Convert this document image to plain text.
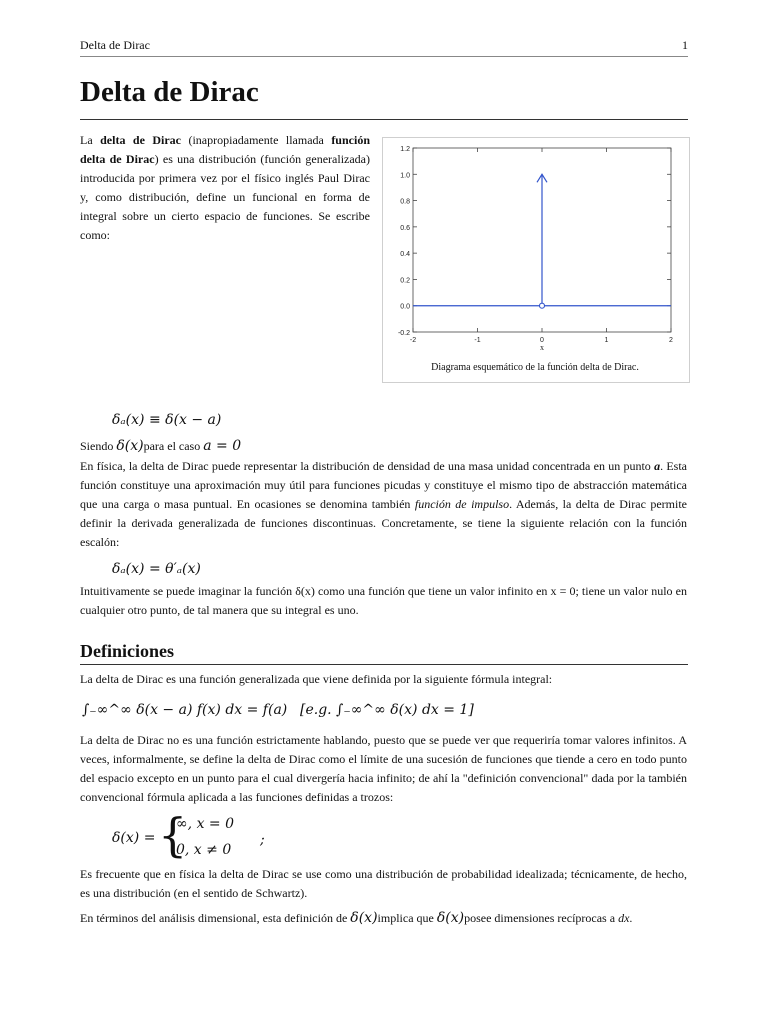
Delta de Dirac	1
Delta de Dirac

La delta de Dirac (inapropiadamente llamada función delta de Dirac) es una distribución (función generalizada) introducida por primera vez por el físico inglés Paul Dirac y, como distribución, define un funcional en forma de integral sobre un cierto espacio de funciones. Se escribe como:

-0.2
0.0
0.2
0.4
0.6
0.8
1.0
1.2
-2	-1	0	1	2
x
Diagrama esquemático de la función delta de Dirac.
δₐ(x) ≡ δ(x − a)
Siendo δ(x)para el caso a = 0

En física, la delta de Dirac puede representar la distribución de densidad de una masa unidad concentrada en un punto a. Esta función constituye una aproximación muy útil para funciones picudas y constituye el mismo tipo de abstracción matemática que una carga o masa puntual. En ocasiones se denomina también función de impulso. Además, la delta de Dirac permite definir la derivada generalizada de funciones discontinuas. Concretamente, se tiene la siguiente relación con la función escalón:

δₐ(x) = θ′ₐ(x)

Intuitivamente se puede imaginar la función δ(x) como una función que tiene un valor infinito en x = 0; tiene un valor nulo en cualquier otro punto, de tal manera que su integral es uno.

Definiciones
La delta de Dirac es una función generalizada que viene definida por la siguiente fórmula integral:
∫₋∞^∞ δ(x − a) f(x) dx = f(a) [e.g. ∫₋∞^∞ δ(x) dx = 1]

La delta de Dirac no es una función estrictamente hablando, puesto que se puede ver que requeriría tomar valores infinitos. A veces, informalmente, se define la delta de Dirac como el límite de una sucesión de funciones que tiende a cero en todo punto del espacio excepto en un punto para el cual divergería hacia infinito; de ahí la "definición convencional" dada por la también convencional fórmula aplicada a las funciones definidas a trozos:

δ(x) = {
∞, x = 0
0, x ≠ 0
;

Es frecuente que en física la delta de Dirac se use como una distribución de probabilidad idealizada; técnicamente, de hecho, es una distribución (en el sentido de Schwartz).

En términos del análisis dimensional, esta definición de δ(x)implica que δ(x)posee dimensiones recíprocas a dx.
